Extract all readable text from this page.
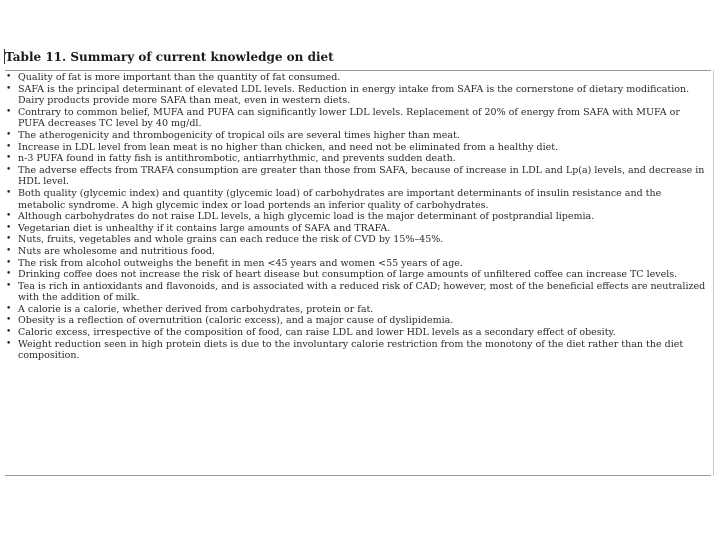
Table 11. Summary of current knowledge on diet
• Quality of fat is more important than the quantity of fat consumed.
• SAFA is the principal determinant of elevated LDL levels. Reduction in energy intake from SAFA is the cornerstone of dietary modification. Dairy products provide more SAFA than meat, even in western diets.
• Contrary to common belief, MUFA and PUFA can significantly lower LDL levels. Replacement of 20% of energy from SAFA with MUFA or PUFA decreases TC level by 40 mg/dl.
• The atherogenicity and thrombogenicity of tropical oils are several times higher than meat.
• Increase in LDL level from lean meat is no higher than chicken, and need not be eliminated from a healthy diet.
• n-3 PUFA found in fatty fish is antithrombotic, antiarrhythmic, and prevents sudden death.
• The adverse effects from TRAFA consumption are greater than those from SAFA, because of increase in LDL and Lp(a) levels, and decrease in HDL level.
• Both quality (glycemic index) and quantity (glycemic load) of carbohydrates are important determinants of insulin resistance and the metabolic syndrome. A high glycemic index or load portends an inferior quality of carbohydrates.
• Although carbohydrates do not raise LDL levels, a high glycemic load is the major determinant of postprandial lipemia.
• Vegetarian diet is unhealthy if it contains large amounts of SAFA and TRAFA.
• Nuts, fruits, vegetables and whole grains can each reduce the risk of CVD by 15%–45%.
• Nuts are wholesome and nutritious food.
• The risk from alcohol outweighs the benefit in men <45 years and women <55 years of age.
• Drinking coffee does not increase the risk of heart disease but consumption of large amounts of unfiltered coffee can increase TC levels.
• Tea is rich in antioxidants and flavonoids, and is associated with a reduced risk of CAD; however, most of the beneficial effects are neutralized with the addition of milk.
• A calorie is a calorie, whether derived from carbohydrates, protein or fat.
• Obesity is a reflection of overnutrition (caloric excess), and a major cause of dyslipidemia.
• Caloric excess, irrespective of the composition of food, can raise LDL and lower HDL levels as a secondary effect of obesity.
• Weight reduction seen in high protein diets is due to the involuntary calorie restriction from the monotony of the diet rather than the diet composition.
